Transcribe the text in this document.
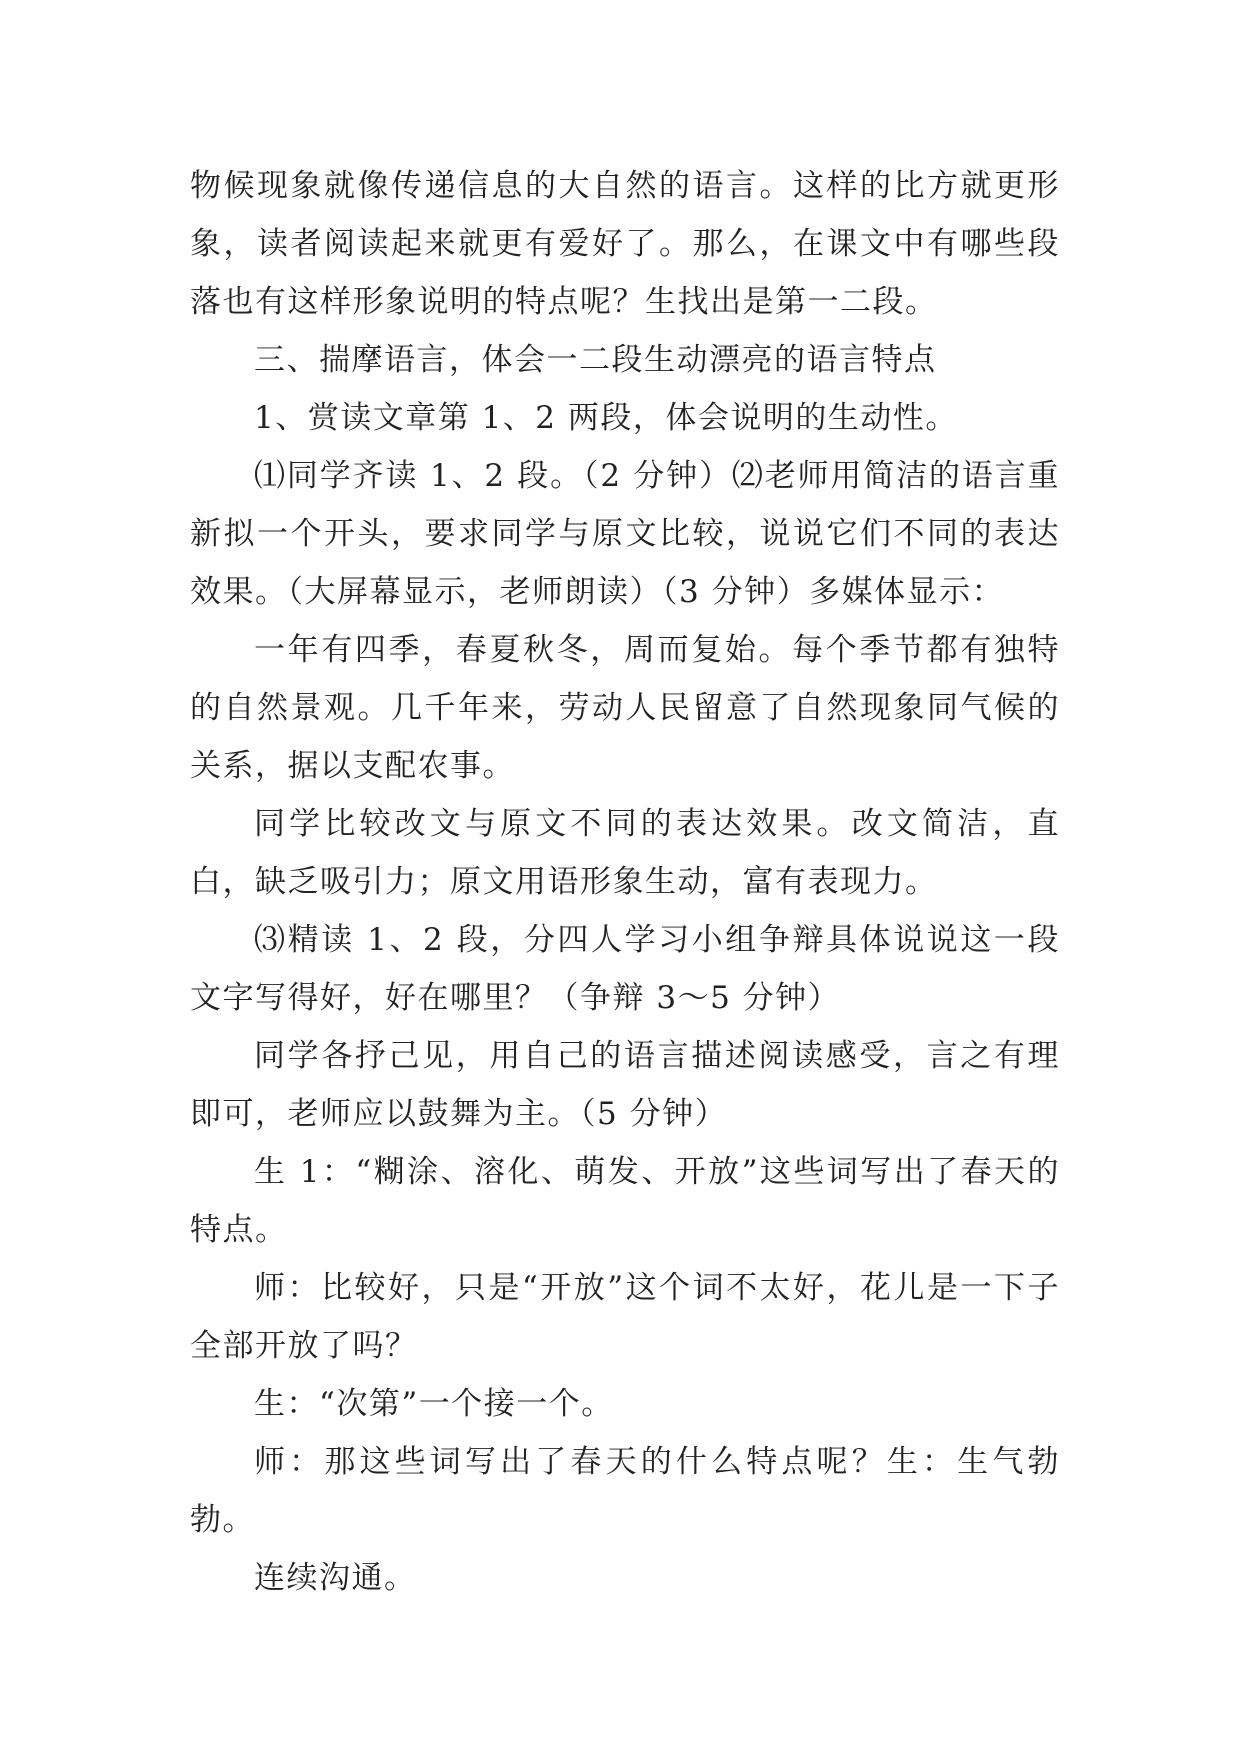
物候现象就像传递信息的大自然的语言。这样的比方就更形象，读者阅读起来就更有爱好了。那么，在课文中有哪些段落也有这样形象说明的特点呢？生找出是第一二段。

三、揣摩语言，体会一二段生动漂亮的语言特点

1、赏读文章第 1、2 两段，体会说明的生动性。

⑴同学齐读 1、2 段。（2 分钟）⑵老师用简洁的语言重新拟一个开头，要求同学与原文比较，说说它们不同的表达效果。（大屏幕显示，老师朗读）（3 分钟）多媒体显示：

一年有四季，春夏秋冬，周而复始。每个季节都有独特的自然景观。几千年来，劳动人民留意了自然现象同气候的关系，据以支配农事。

同学比较改文与原文不同的表达效果。改文简洁，直白，缺乏吸引力；原文用语形象生动，富有表现力。

⑶精读 1、2 段，分四人学习小组争辩具体说说这一段文字写得好，好在哪里？（争辩 3～5 分钟）

同学各抒己见，用自己的语言描述阅读感受，言之有理即可，老师应以鼓舞为主。（5 分钟）

生 1：“糊涂、溶化、萌发、开放”这些词写出了春天的特点。

师：比较好，只是“开放”这个词不太好，花儿是一下子全部开放了吗？

生：“次第”一个接一个。

师：那这些词写出了春天的什么特点呢？生：生气勃勃。

连续沟通。
